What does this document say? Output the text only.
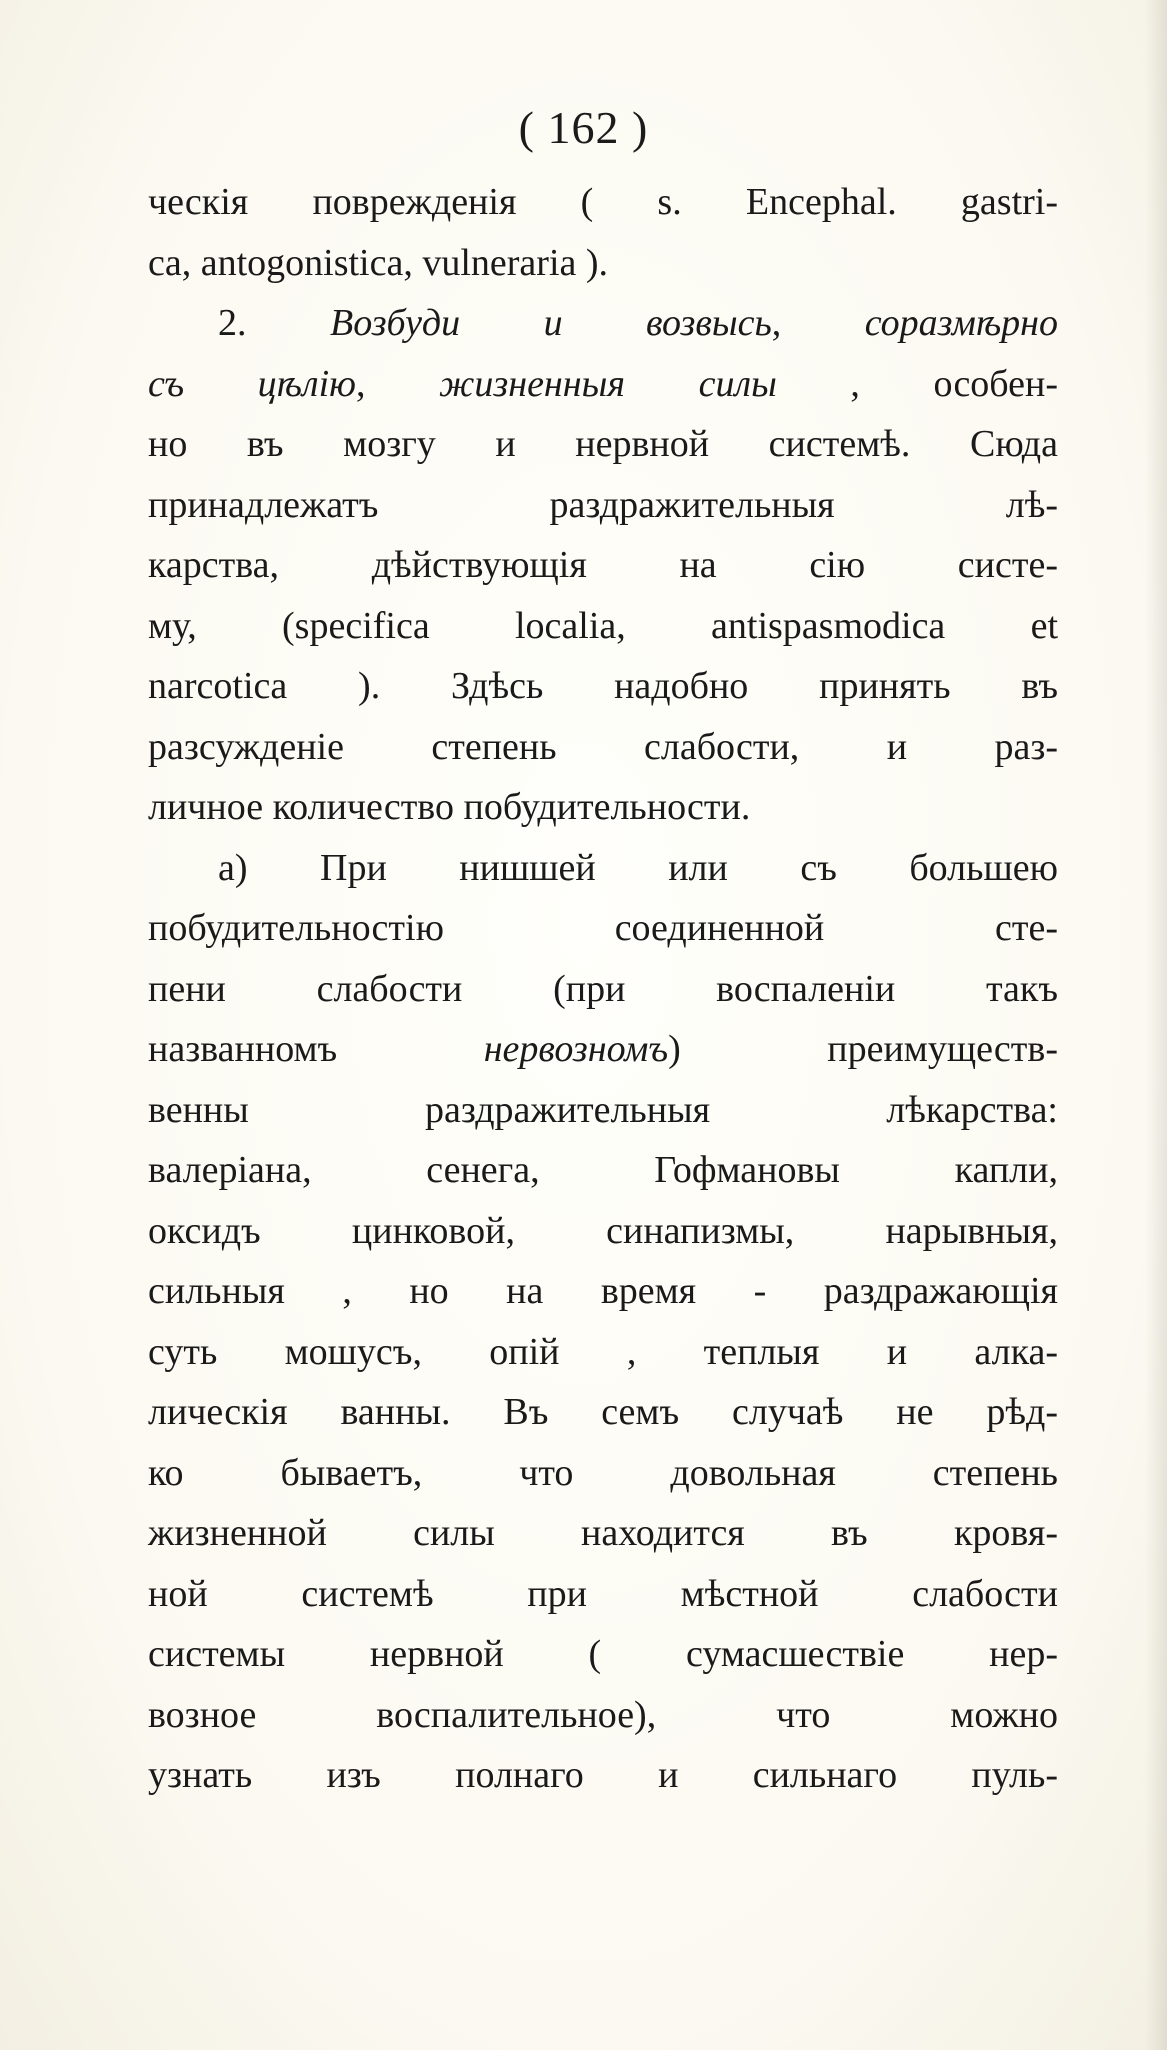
( 162 )
ческія поврежденія ( s. Encephal. gastri-
ca, antogonistica, vulneraria ).
2. Возбуди и возвысь, соразмѣрно
съ цѣлію, жизненныя силы , особен-
но въ мозгу и нервной системѣ. Сюда
принадлежатъ раздражительныя лѣ-
карства, дѣйствующія на сію систе-
му, (specifica localia, antispasmodica et
narcotica ). Здѣсь надобно принять въ
разсужденіе степень слабости, и раз-
личное количество побудительности.
а) При нишшей или съ большею
побудительностію соединенной сте-
пени слабости (при воспаленіи такъ
названномъ нервозномъ) преимуществ-
венны раздражительныя лѣкарства:
валеріана, сенега, Гофмановы капли,
оксидъ цинковой, синапизмы, нарывныя,
сильныя , но на время - раздражающія
суть мошусъ, опій , теплыя и алка-
лическія ванны. Въ семъ случаѣ не рѣд-
ко бываетъ, что довольная степень
жизненной силы находится въ кровя-
ной системѣ при мѣстной слабости
системы нервной ( сумасшествіе нер-
возное воспалительное), что можно
узнать изъ полнаго и сильнаго пуль-
